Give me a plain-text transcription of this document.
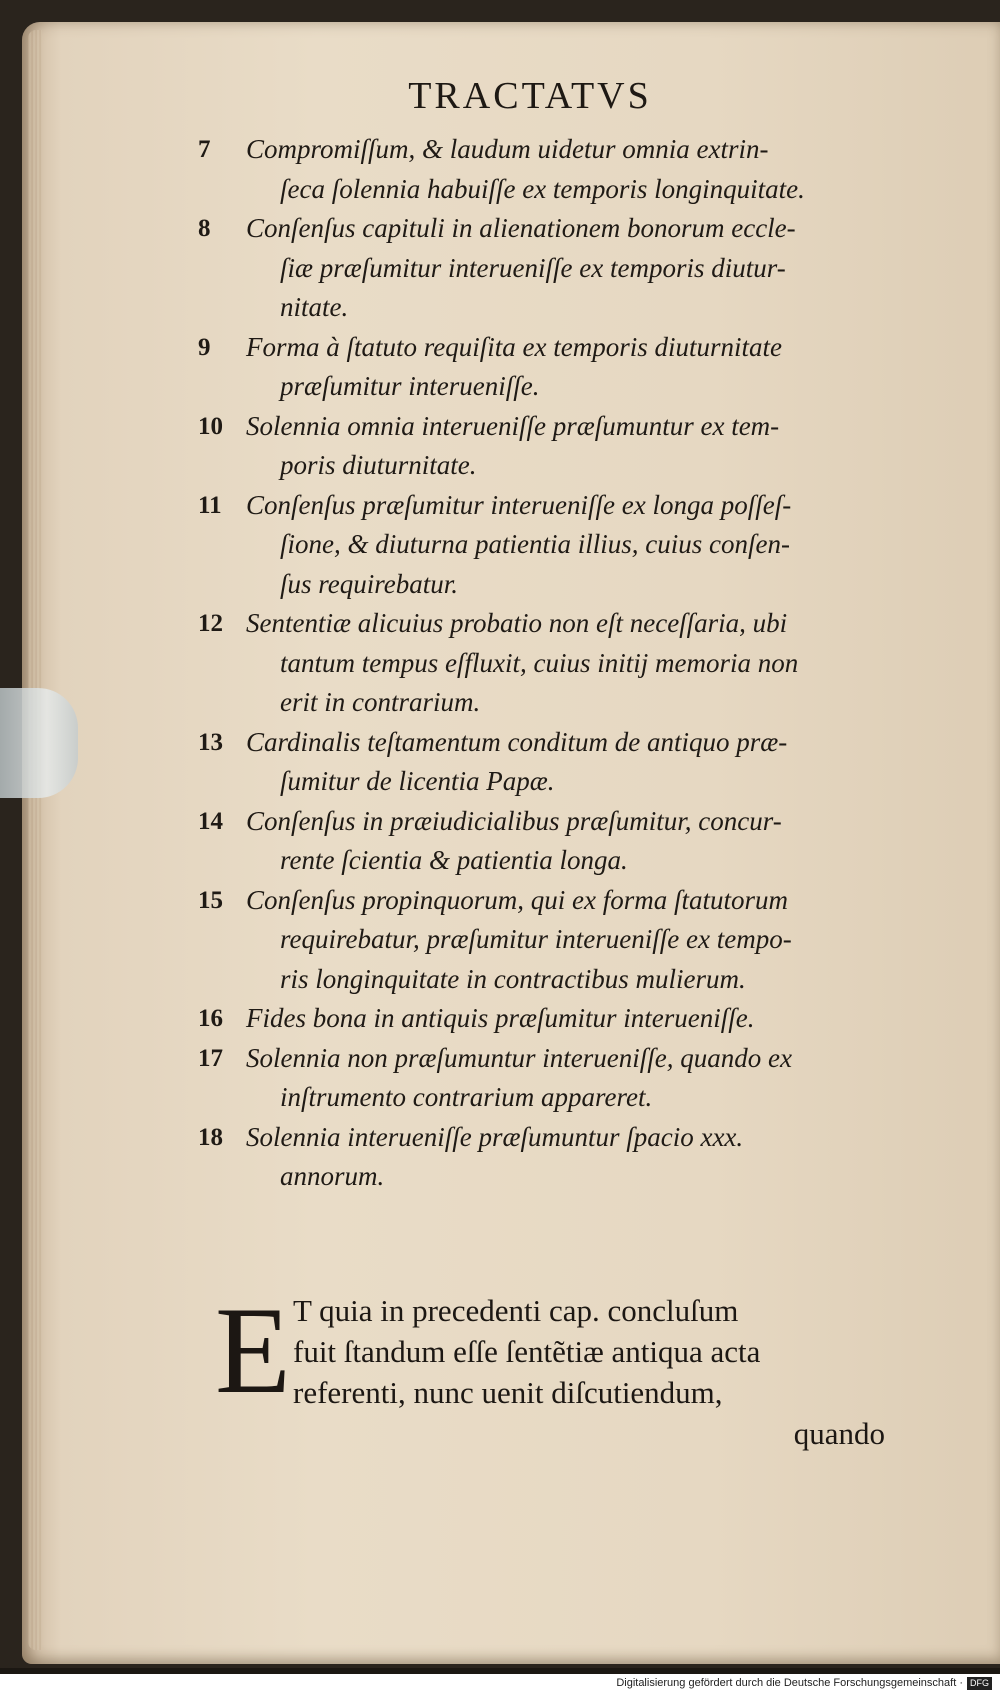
TRACTATVS
7	Compromiſſum, & laudum uidetur omnia extrin-
ſeca ſolennia habuiſſe ex temporis longinquitate.
8	Conſenſus capituli in alienationem bonorum eccle-
ſiæ præſumitur interueniſſe ex temporis diutur-
nitate.
9	Forma à ſtatuto requiſita ex temporis diuturnitate
præſumitur interueniſſe.
10 Solennia omnia interueniſſe præſumuntur ex tem-
poris diuturnitate.
11 Conſenſus præſumitur interueniſſe ex longa poſſeſ-
ſione, & diuturna patientia illius, cuius conſen-
ſus requirebatur.
12 Sententiæ alicuius probatio non eſt neceſſaria, ubi
tantum tempus eſfluxit, cuius initij memoria non
erit in contrarium.
13 Cardinalis teſtamentum conditum de antiquo præ-
ſumitur de licentia Papæ.
14 Conſenſus in præiudicialibus præſumitur, concur-
rente ſcientia & patientia longa.
15 Conſenſus propinquorum, qui ex forma ſtatutorum
requirebatur, præſumitur interueniſſe ex tempo-
ris longinquitate in contractibus mulierum.
16 Fides bona in antiquis præſumitur interueniſſe.
17 Solennia non præſumuntur interueniſſe, quando ex
inſtrumento contrarium appareret.
18 Solennia interueniſſe præſumuntur ſpacio xxx.
annorum.
E T quia in precedenti cap. concluſum
fuit ſtandum eſſe ſentẽtiæ antiqua acta
referenti, nunc uenit diſcutiendum,
quando
Digitalisierung gefördert durch die Deutsche Forschungsgemeinschaft · DFG
